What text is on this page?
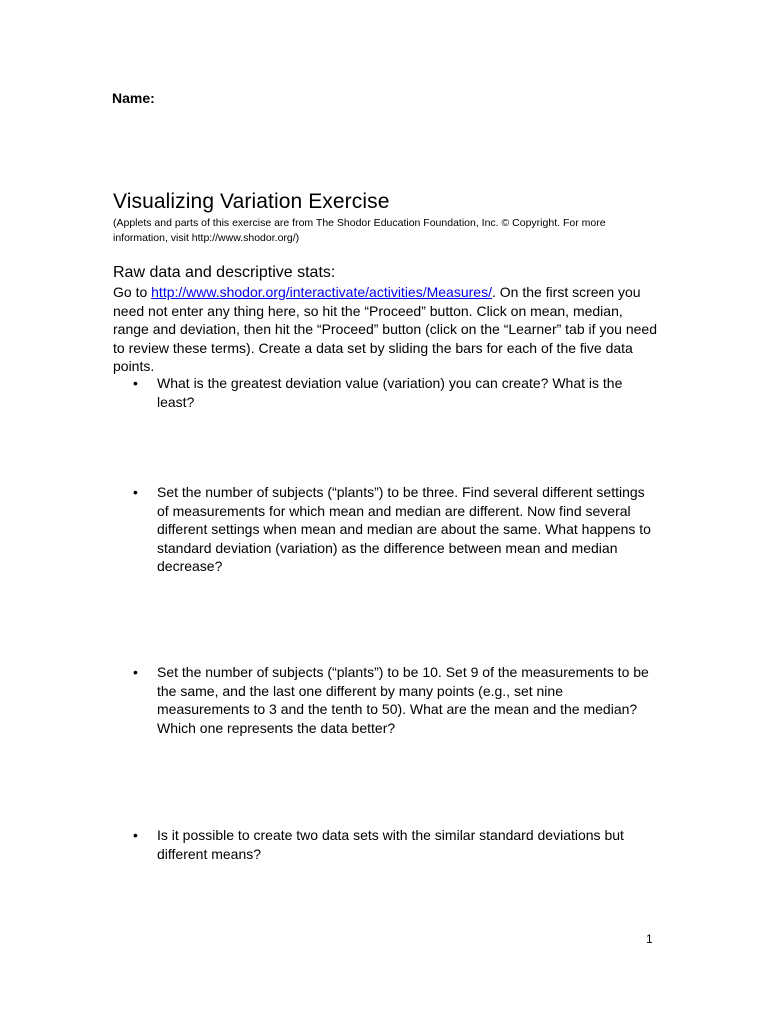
Name:
Visualizing Variation Exercise
(Applets and parts of this exercise are from The Shodor Education Foundation, Inc. © Copyright. For more information, visit http://www.shodor.org/)
Raw data and descriptive stats:
Go to http://www.shodor.org/interactivate/activities/Measures/. On the first screen you need not enter any thing here, so hit the “Proceed” button. Click on mean, median, range and deviation, then hit the “Proceed” button (click on the “Learner” tab if you need to review these terms). Create a data set by sliding the bars for each of the five data points.
•	What is the greatest deviation value (variation) you can create? What is the least?
•	Set the number of subjects (“plants”) to be three. Find several different settings of measurements for which mean and median are different. Now find several different settings when mean and median are about the same. What happens to standard deviation (variation) as the difference between mean and median decrease?
•	Set the number of subjects (“plants”) to be 10. Set 9 of the measurements to be the same, and the last one different by many points (e.g., set nine measurements to 3 and the tenth to 50). What are the mean and the median? Which one represents the data better?
•	Is it possible to create two data sets with the similar standard deviations but different means?
1
